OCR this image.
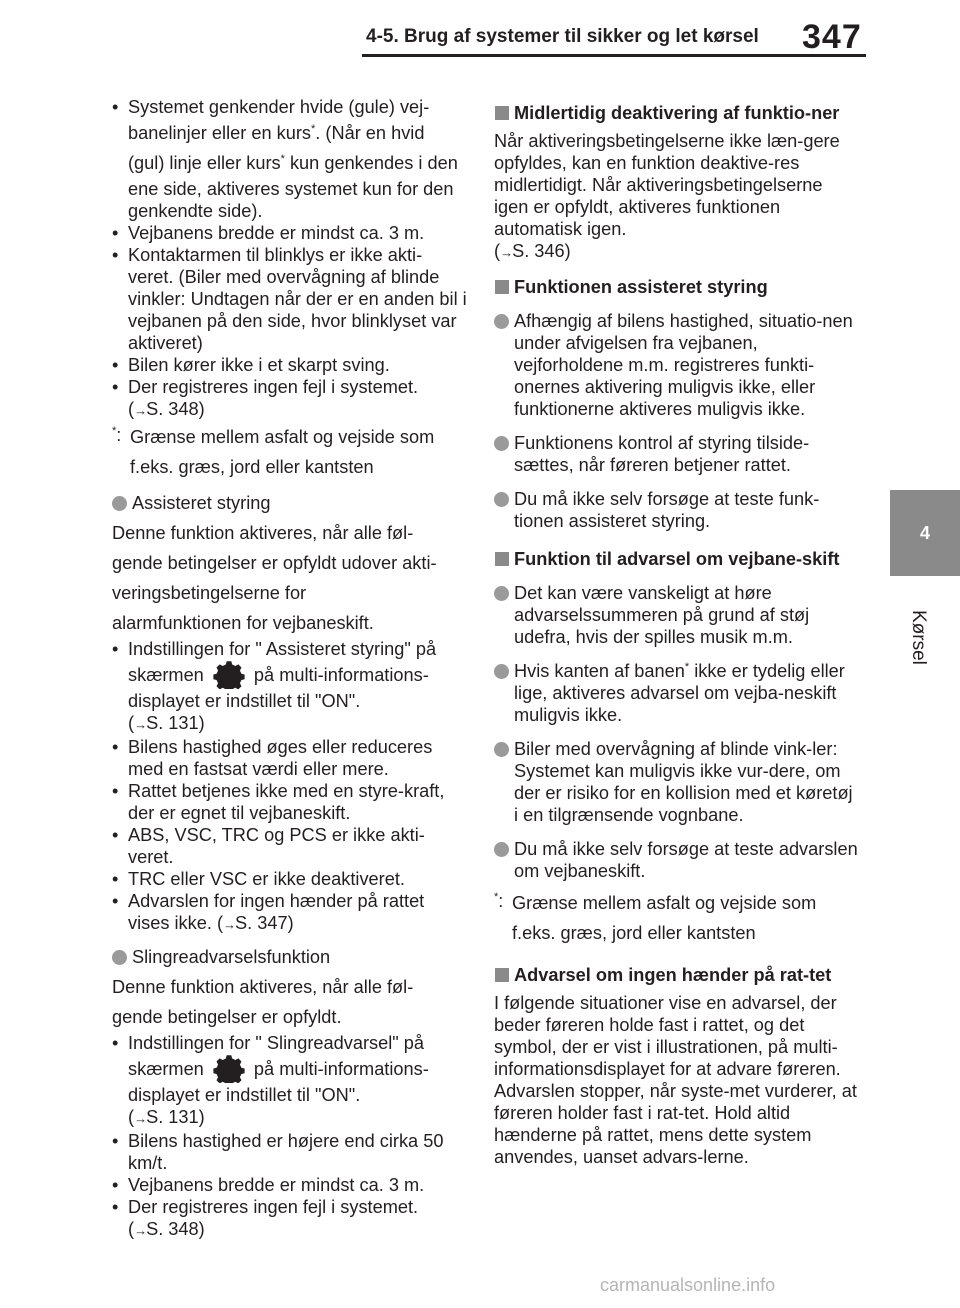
4-5. Brug af systemer til sikker og let kørsel 347
4
Kørsel
• Systemet genkender hvide (gule) vej-
banelinjer eller en kurs*. (Når en hvid
(gul) linje eller kurs* kun genkendes i den ene side, aktiveres systemet kun for den genkendte side).
• Vejbanens bredde er mindst ca. 3 m.
• Kontaktarmen til blinklys er ikke akti-veret. (Biler med overvågning af blinde vinkler: Undtagen når der er en anden bil i vejbanen på den side, hvor blinklyset var aktiveret)
• Bilen kører ikke i et skarpt sving.
• Der registreres ingen fejl i systemet.
(→S. 348)
*: Grænse mellem asfalt og vejside som
f.eks. græs, jord eller kantsten
Assisteret styring
Denne funktion aktiveres, når alle føl-
gende betingelser er opfyldt udover akti-
veringsbetingelserne for
alarmfunktionen for vejbaneskift.
• Indstillingen for " Assisteret styring" på
skærmen	på multi-informations-
displayet er indstillet til "ON".
(→S. 131)
• Bilens hastighed øges eller reduceres med en fastsat værdi eller mere.
• Rattet betjenes ikke med en styre-kraft, der er egnet til vejbaneskift.
• ABS, VSC, TRC og PCS er ikke akti-veret.
• TRC eller VSC er ikke deaktiveret.
• Advarslen for ingen hænder på rattet vises ikke. (→S. 347)
Slingreadvarselsfunktion
Denne funktion aktiveres, når alle føl-
gende betingelser er opfyldt.
• Indstillingen for " Slingreadvarsel" på
skærmen	på multi-informations-
displayet er indstillet til "ON".
(→S. 131)
• Bilens hastighed er højere end cirka 50 km/t.
• Vejbanens bredde er mindst ca. 3 m.
• Der registreres ingen fejl i systemet.
(→S. 348)
Midlertidig deaktivering af funktio-ner
Når aktiveringsbetingelserne ikke læn-gere opfyldes, kan en funktion deaktive-res midlertidigt. Når aktiveringsbetingelserne igen er opfyldt, aktiveres funktionen automatisk igen.
(→S. 346)
Funktionen assisteret styring
Afhængig af bilens hastighed, situatio-nen under afvigelsen fra vejbanen, vejforholdene m.m. registreres funkti-onernes aktivering muligvis ikke, eller funktionerne aktiveres muligvis ikke.
Funktionens kontrol af styring tilside-sættes, når føreren betjener rattet.
Du må ikke selv forsøge at teste funk-tionen assisteret styring.
Funktion til advarsel om vejbane-skift
Det kan være vanskeligt at høre advarselssummeren på grund af støj udefra, hvis der spilles musik m.m.
Hvis kanten af banen* ikke er tydelig eller lige, aktiveres advarsel om vejba-neskift muligvis ikke.
Biler med overvågning af blinde vink-ler: Systemet kan muligvis ikke vur-dere, om der er risiko for en kollision med et køretøj i en tilgrænsende vognbane.
Du må ikke selv forsøge at teste advarslen om vejbaneskift.
*: Grænse mellem asfalt og vejside som
f.eks. græs, jord eller kantsten
Advarsel om ingen hænder på rat-tet
I følgende situationer vise en advarsel, der beder føreren holde fast i rattet, og det symbol, der er vist i illustrationen, på multi-informationsdisplayet for at advare føreren. Advarslen stopper, når syste-met vurderer, at føreren holder fast i rat-tet. Hold altid hænderne på rattet, mens dette system anvendes, uanset advars-lerne.
carmanualsonline.info
